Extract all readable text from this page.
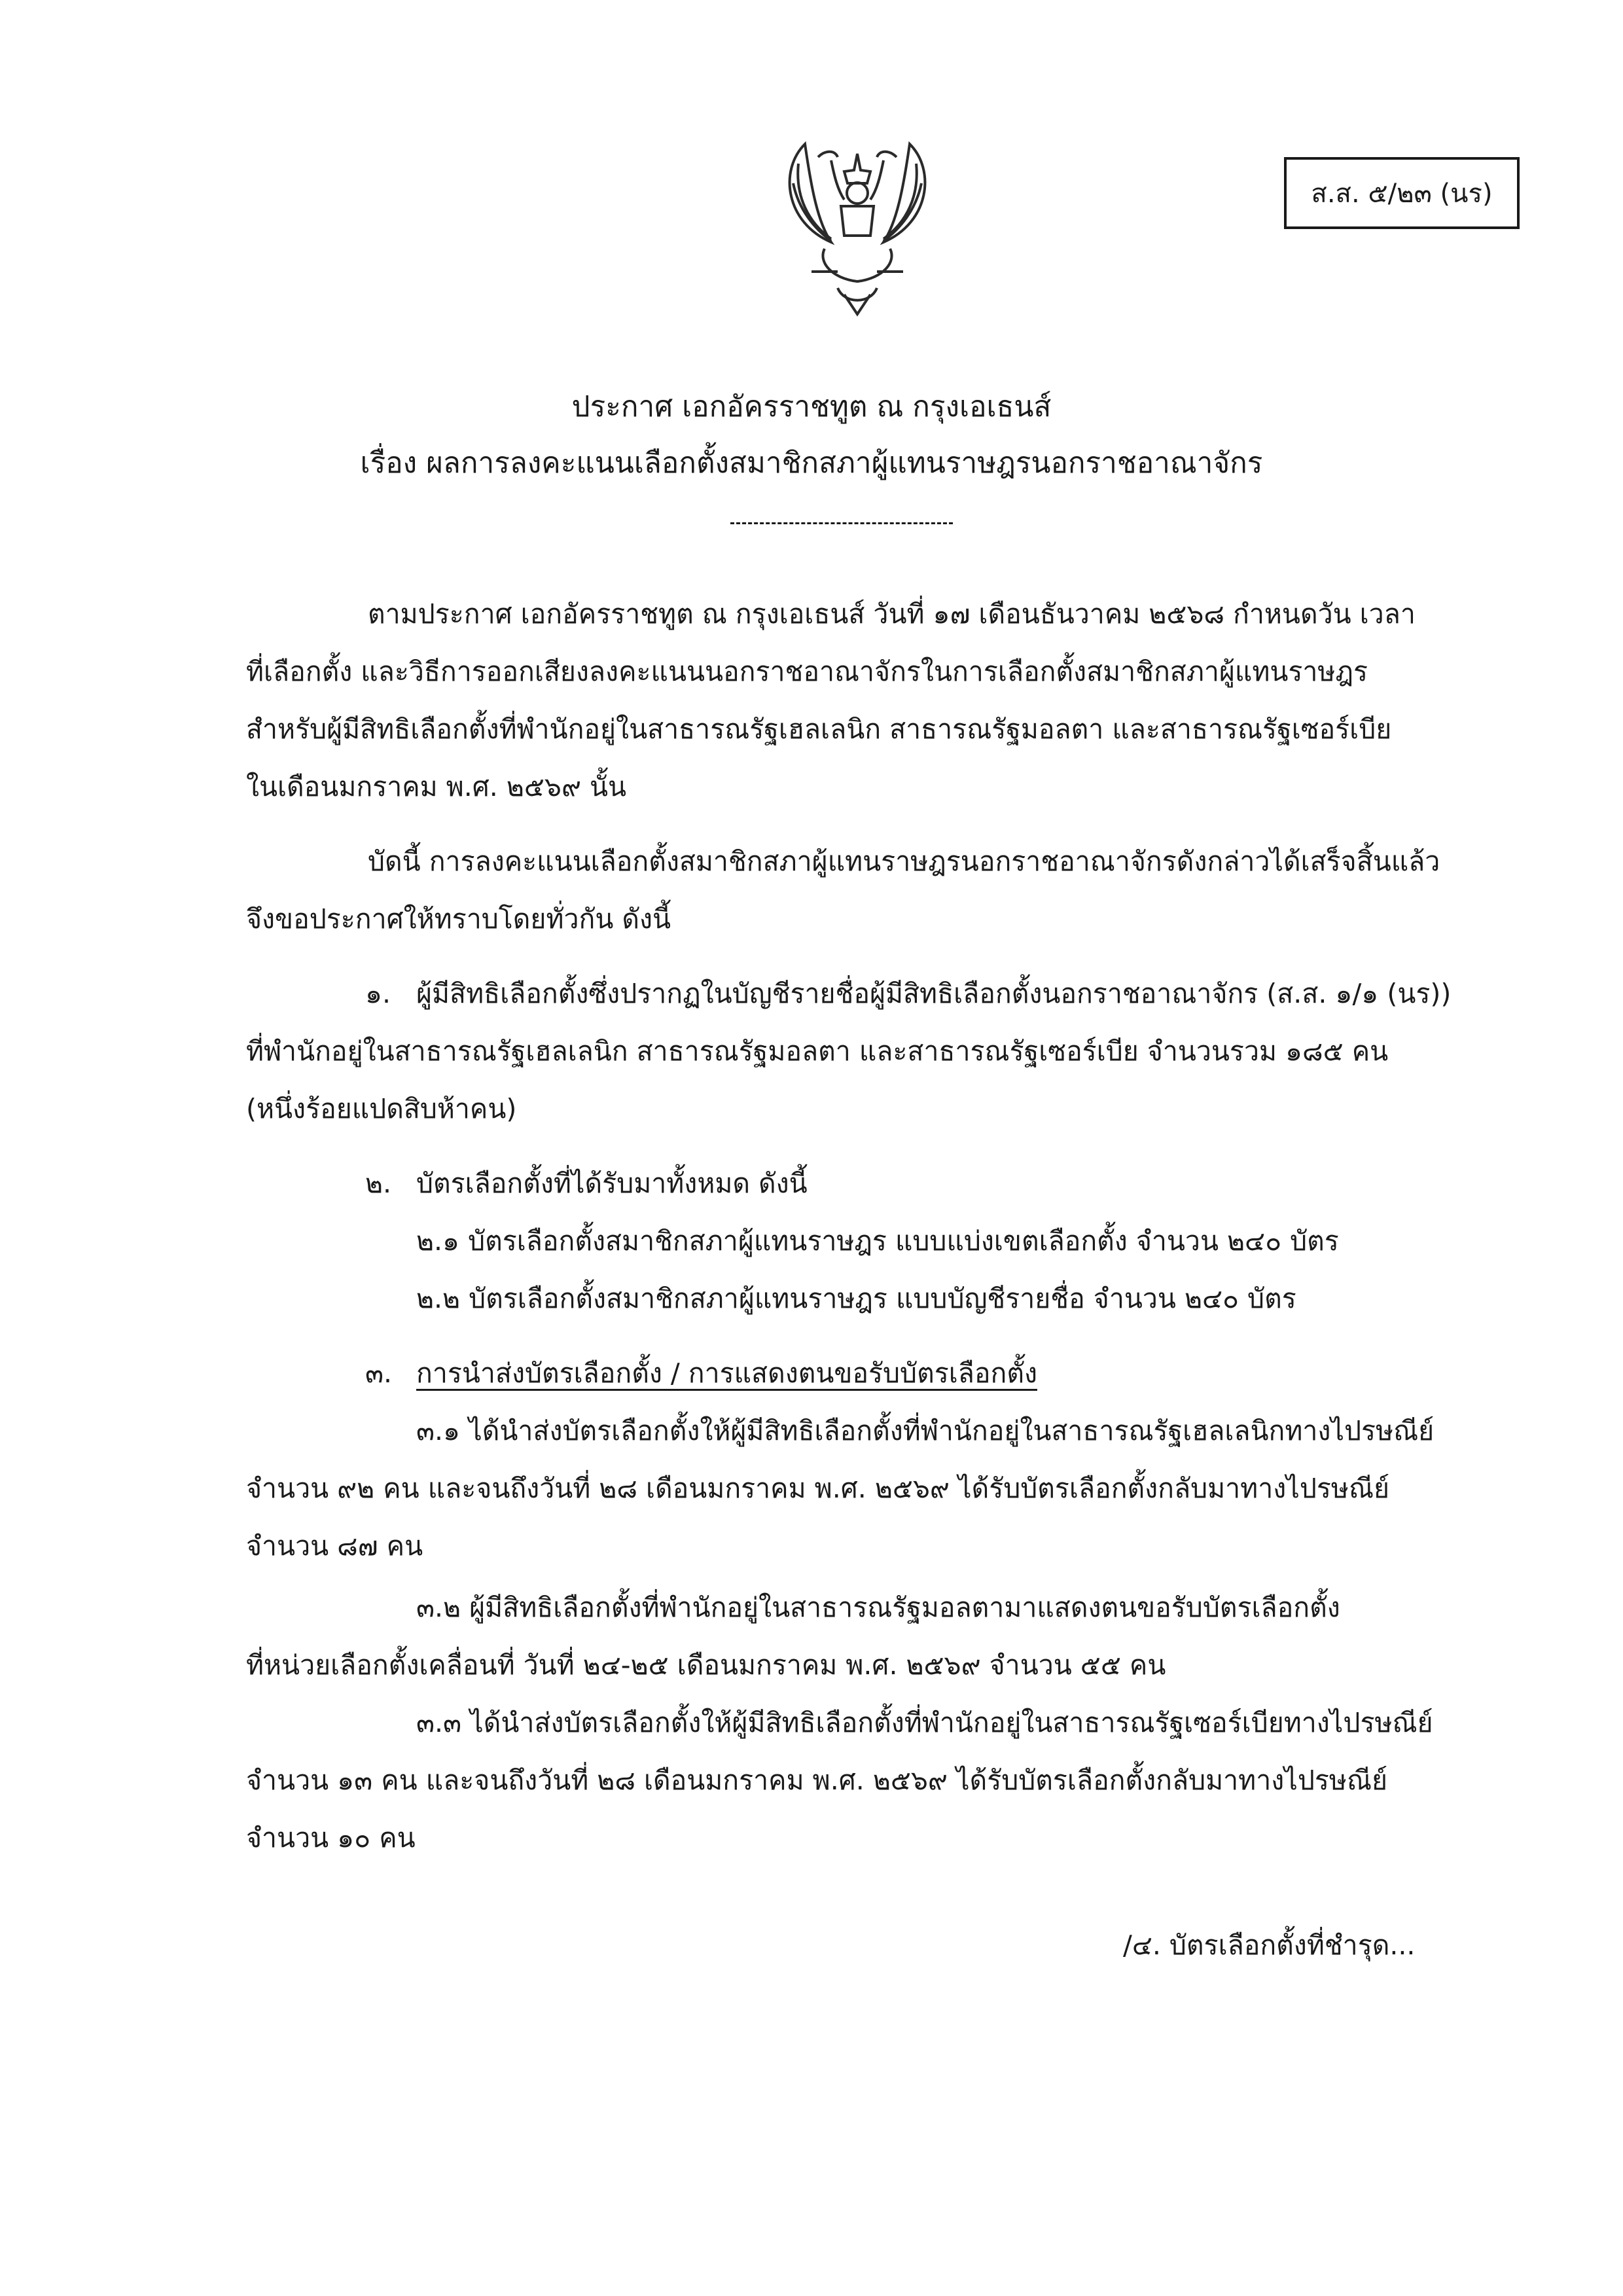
ส.ส. ๕/๒๓ (นร)
ประกาศ เอกอัครราชทูต ณ กรุงเอเธนส์
เรื่อง ผลการลงคะแนนเลือกตั้งสมาชิกสภาผู้แทนราษฎรนอกราชอาณาจักร
ตามประกาศ เอกอัครราชทูต ณ กรุงเอเธนส์ วันที่ ๑๗ เดือนธันวาคม ๒๕๖๘ กำหนดวัน เวลา
ที่เลือกตั้ง และวิธีการออกเสียงลงคะแนนนอกราชอาณาจักรในการเลือกตั้งสมาชิกสภาผู้แทนราษฎร
สำหรับผู้มีสิทธิเลือกตั้งที่พำนักอยู่ในสาธารณรัฐเฮลเลนิก สาธารณรัฐมอลตา และสาธารณรัฐเซอร์เบีย
ในเดือนมกราคม พ.ศ. ๒๕๖๙ นั้น
บัดนี้ การลงคะแนนเลือกตั้งสมาชิกสภาผู้แทนราษฎรนอกราชอาณาจักรดังกล่าวได้เสร็จสิ้นแล้ว
จึงขอประกาศให้ทราบโดยทั่วกัน ดังนี้
๑. ผู้มีสิทธิเลือกตั้งซึ่งปรากฏในบัญชีรายชื่อผู้มีสิทธิเลือกตั้งนอกราชอาณาจักร (ส.ส. ๑/๑ (นร))
ที่พำนักอยู่ในสาธารณรัฐเฮลเลนิก สาธารณรัฐมอลตา และสาธารณรัฐเซอร์เบีย จำนวนรวม ๑๘๕ คน
(หนึ่งร้อยแปดสิบห้าคน)
๒. บัตรเลือกตั้งที่ได้รับมาทั้งหมด ดังนี้
๒.๑ บัตรเลือกตั้งสมาชิกสภาผู้แทนราษฎร แบบแบ่งเขตเลือกตั้ง จำนวน ๒๔๐ บัตร
๒.๒ บัตรเลือกตั้งสมาชิกสภาผู้แทนราษฎร แบบบัญชีรายชื่อ จำนวน ๒๔๐ บัตร
๓. การนำส่งบัตรเลือกตั้ง / การแสดงตนขอรับบัตรเลือกตั้ง
๓.๑ ได้นำส่งบัตรเลือกตั้งให้ผู้มีสิทธิเลือกตั้งที่พำนักอยู่ในสาธารณรัฐเฮลเลนิกทางไปรษณีย์
จำนวน ๙๒ คน และจนถึงวันที่ ๒๘ เดือนมกราคม พ.ศ. ๒๕๖๙ ได้รับบัตรเลือกตั้งกลับมาทางไปรษณีย์
จำนวน ๘๗ คน
๓.๒ ผู้มีสิทธิเลือกตั้งที่พำนักอยู่ในสาธารณรัฐมอลตามาแสดงตนขอรับบัตรเลือกตั้ง
ที่หน่วยเลือกตั้งเคลื่อนที่ วันที่ ๒๔-๒๕ เดือนมกราคม พ.ศ. ๒๕๖๙ จำนวน ๕๕ คน
๓.๓ ได้นำส่งบัตรเลือกตั้งให้ผู้มีสิทธิเลือกตั้งที่พำนักอยู่ในสาธารณรัฐเซอร์เบียทางไปรษณีย์
จำนวน ๑๓ คน และจนถึงวันที่ ๒๘ เดือนมกราคม พ.ศ. ๒๕๖๙ ได้รับบัตรเลือกตั้งกลับมาทางไปรษณีย์
จำนวน ๑๐ คน
/๔. บัตรเลือกตั้งที่ชำรุด...
